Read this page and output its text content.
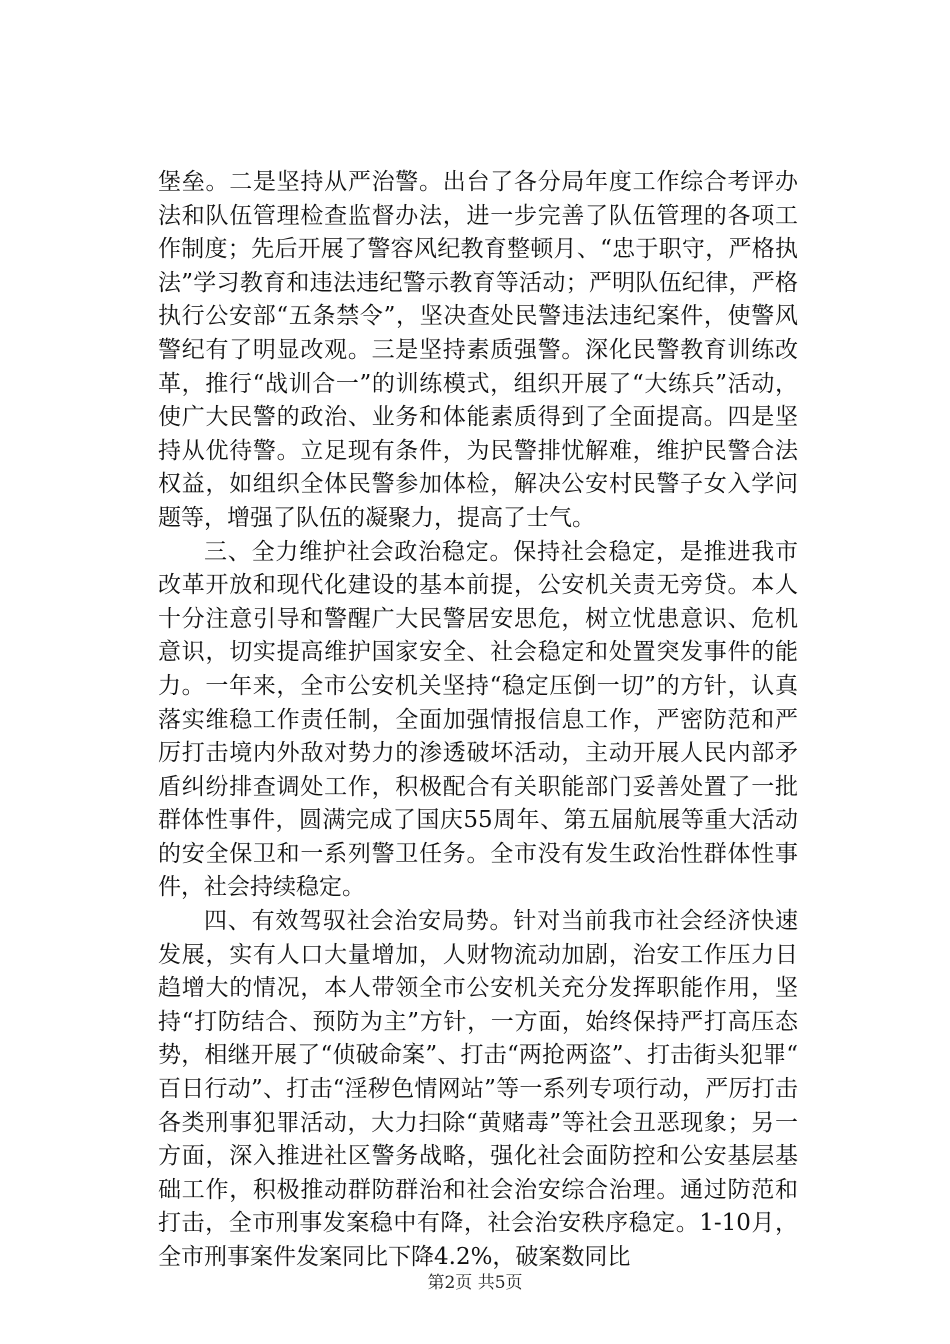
堡垒。二是坚持从严治警。出台了各分局年度工作综合考评办法和队伍管理检查监督办法，进一步完善了队伍管理的各项工作制度；先后开展了警容风纪教育整顿月、“忠于职守，严格执法”学习教育和违法违纪警示教育等活动；严明队伍纪律，严格执行公安部“五条禁令”，坚决查处民警违法违纪案件，使警风警纪有了明显改观。三是坚持素质强警。深化民警教育训练改革，推行“战训合一”的训练模式，组织开展了“大练兵”活动，使广大民警的政治、业务和体能素质得到了全面提高。四是坚持从优待警。立足现有条件，为民警排忧解难，维护民警合法权益，如组织全体民警参加体检，解决公安村民警子女入学问题等，增强了队伍的凝聚力，提高了士气。

三、全力维护社会政治稳定。保持社会稳定，是推进我市改革开放和现代化建设的基本前提，公安机关责无旁贷。本人十分注意引导和警醒广大民警居安思危，树立忧患意识、危机意识，切实提高维护国家安全、社会稳定和处置突发事件的能力。一年来，全市公安机关坚持“稳定压倒一切”的方针，认真落实维稳工作责任制，全面加强情报信息工作，严密防范和严厉打击境内外敌对势力的渗透破坏活动，主动开展人民内部矛盾纠纷排查调处工作，积极配合有关职能部门妥善处置了一批群体性事件，圆满完成了国庆55周年、第五届航展等重大活动的安全保卫和一系列警卫任务。全市没有发生政治性群体性事件，社会持续稳定。

四、有效驾驭社会治安局势。针对当前我市社会经济快速发展，实有人口大量增加，人财物流动加剧，治安工作压力日趋增大的情况，本人带领全市公安机关充分发挥职能作用，坚持“打防结合、预防为主”方针，一方面，始终保持严打高压态势，相继开展了“侦破命案”、打击“两抢两盗”、打击街头犯罪“百日行动”、打击“淫秽色情网站”等一系列专项行动，严厉打击各类刑事犯罪活动，大力扫除“黄赌毒”等社会丑恶现象；另一方面，深入推进社区警务战略，强化社会面防控和公安基层基础工作，积极推动群防群治和社会治安综合治理。通过防范和打击，全市刑事发案稳中有降，社会治安秩序稳定。1-10月，全市刑事案件发案同比下降4.2%，破案数同比

第2页 共5页
